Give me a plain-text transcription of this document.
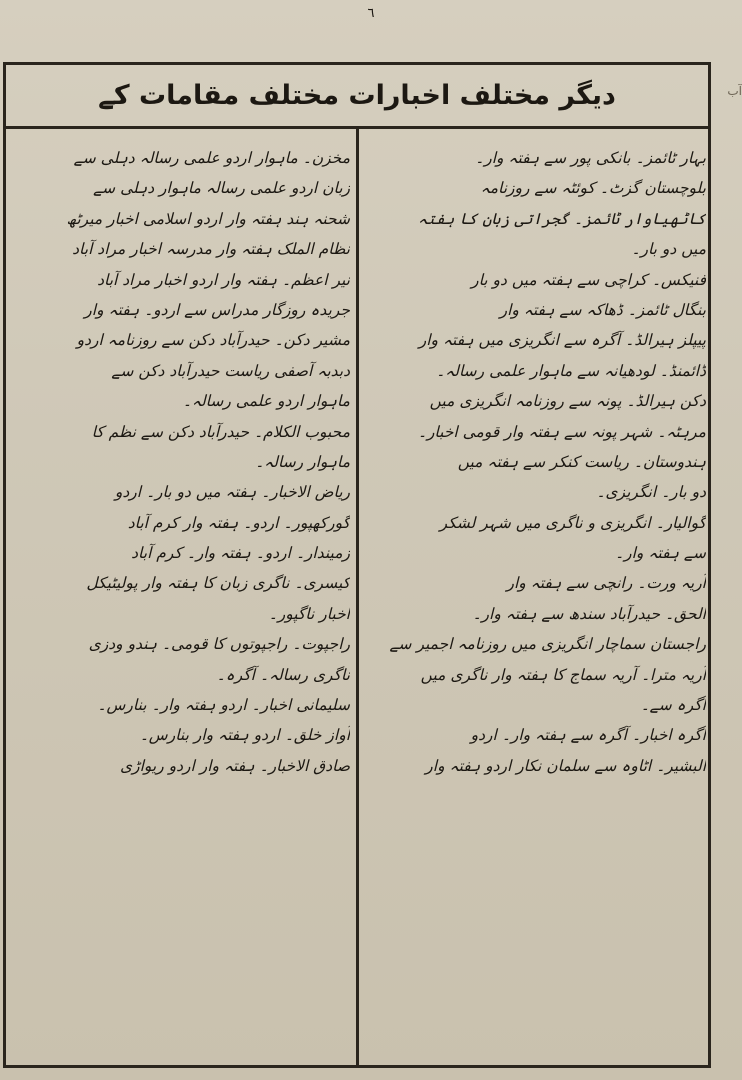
٦
آب
دیگر مختلف اخبارات مختلف مقامات کے
بہار ٹائمز۔ بانکی پور سے ہفتہ وار۔
بلوچستان گزٹ۔ کوئٹہ سے روزنامہ
کاٹھیاوار ٹائمز۔ گجراتی زبان کا ہفتہ
میں دو بار۔
فنیکس۔ کراچی سے ہفتہ میں دو بار
بنگال ٹائمز۔ ڈھاکہ سے ہفتہ وار
پیپلز ہیرالڈ۔ آگرہ سے انگریزی میں ہفتہ وار
ڈائمنڈ۔ لودھیانہ سے ماہوار علمی رسالہ۔
دکن ہیرالڈ۔ پونہ سے روزنامہ انگریزی میں
مرہٹہ۔ شہر پونہ سے ہفتہ وار قومی اخبار۔
ہندوستان۔ ریاست کنکر سے ہفتہ میں
دو بار۔ انگریزی۔
گوالیار۔ انگریزی و ناگری میں شہر لشکر
سے ہفتہ وار۔
آریہ ورت۔ رانچی سے ہفتہ وار
الحق۔ حیدرآباد سندھ سے ہفتہ وار۔
راجستان سماچار انگریزی میں روزنامہ اجمیر سے
آریہ مترا۔ آریہ سماج کا ہفتہ وار ناگری میں
آگرہ سے۔
آگرہ اخبار۔ آگرہ سے ہفتہ وار۔ اردو
البشیر۔ اٹاوہ سے سلمان نکار اردو ہفتہ وار
مخزن۔ ماہوار اردو علمی رسالہ دہلی سے
زبان اردو علمی رسالہ ماہوار دہلی سے
شحنہ ہند ہفتہ وار اردو اسلامی اخبار میرٹھ
نظام الملک ہفتہ وار مدرسہ اخبار مراد آباد
نیر اعظم۔ ہفتہ وار اردو اخبار مراد آباد
جریدہ روزگار مدراس سے اردو۔ ہفتہ وار
مشیر دکن۔ حیدرآباد دکن سے روزنامہ اردو
دبدبہ آصفی ریاست حیدرآباد دکن سے
ماہوار اردو علمی رسالہ۔
محبوب الکلام۔ حیدرآباد دکن سے نظم کا
ماہوار رسالہ۔
ریاض الاخبار۔ ہفتہ میں دو بار۔ اردو
گورکھپور۔ اردو۔ ہفتہ وار کرم آباد
زمیندار۔ اردو۔ ہفتہ وار۔ کرم آباد
کیسری۔ ناگری زبان کا ہفتہ وار پولیٹیکل
اخبار ناگپور۔
راجپوت۔ راجپوتوں کا قومی۔ ہندو ودزی
ناگری رسالہ۔ آگرہ۔
سلیمانی اخبار۔ اردو ہفتہ وار۔ بنارس۔
آواز خلق۔ اردو ہفتہ وار بنارس۔
صادق الاخبار۔ ہفتہ وار اردو ریواڑی
